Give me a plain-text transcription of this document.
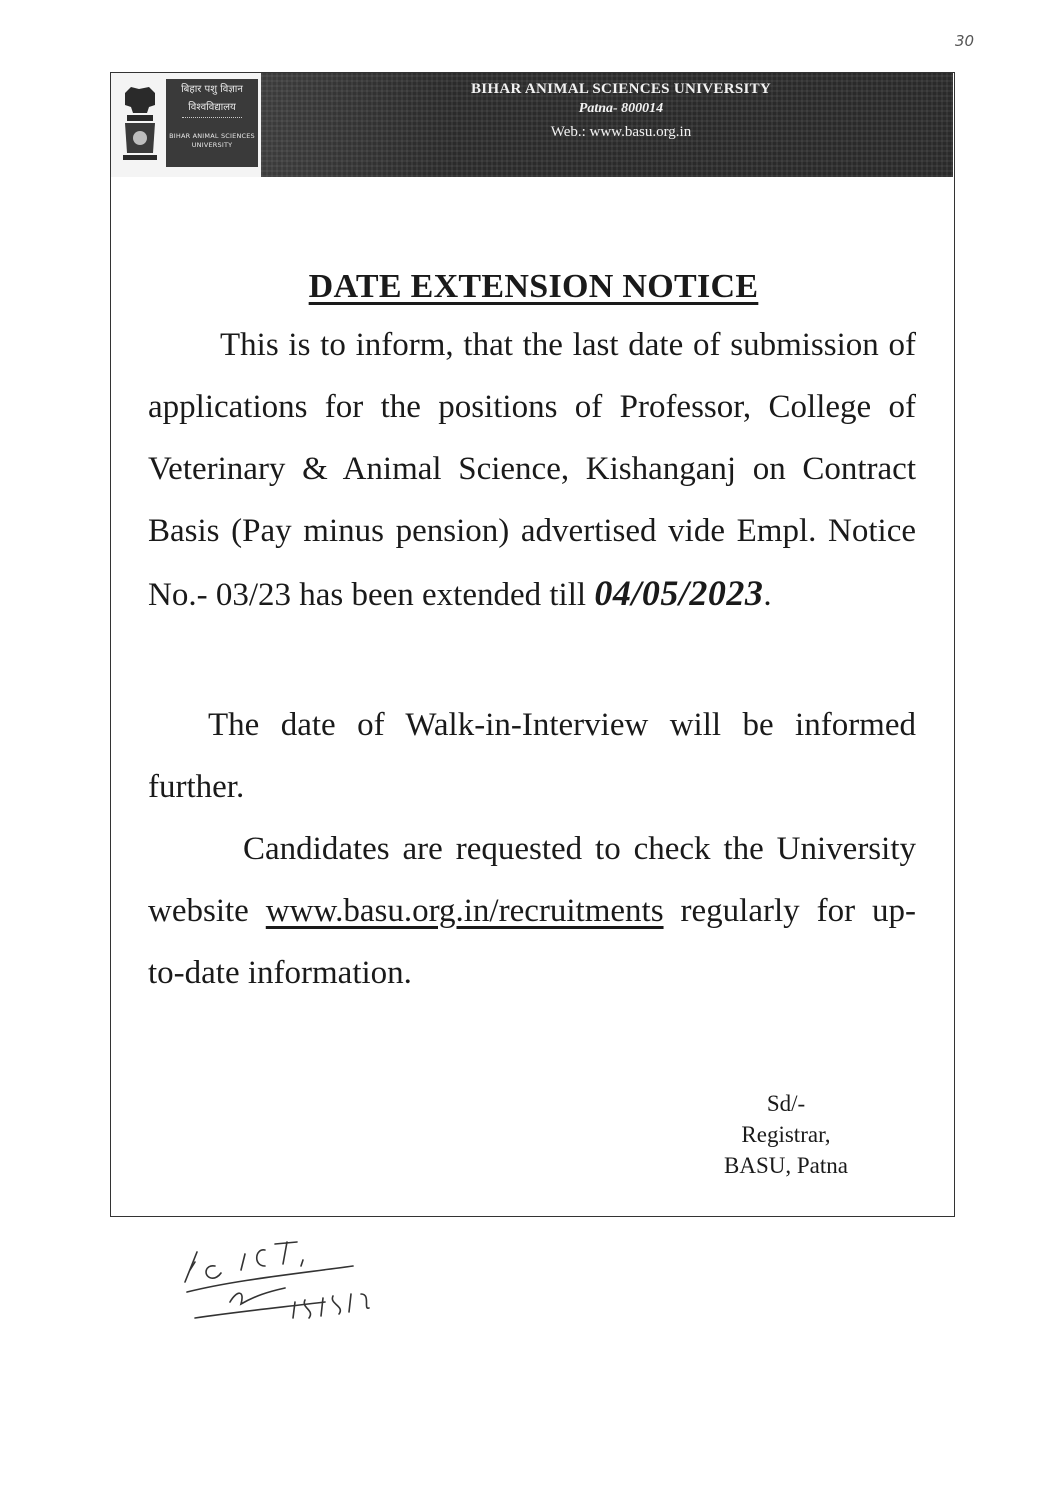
30
बिहार पशु विज्ञान
विश्वविद्यालय
BIHAR ANIMAL SCIENCES UNIVERSITY
BIHAR ANIMAL SCIENCES UNIVERSITY
Patna- 800014
Web.: www.basu.org.in
DATE EXTENSION NOTICE
This is to inform, that the last date of submission of applications for the positions of Professor, College of Veterinary & Animal Science, Kishanganj on Contract Basis (Pay minus pension) advertised vide Empl. Notice No.- 03/23 has been extended till 04/05/2023.
The date of Walk-in-Interview will be informed further.
Candidates are requested to check the University website www.basu.org.in/recruitments regularly for up-to-date information.
Sd/-
Registrar,
BASU, Patna
